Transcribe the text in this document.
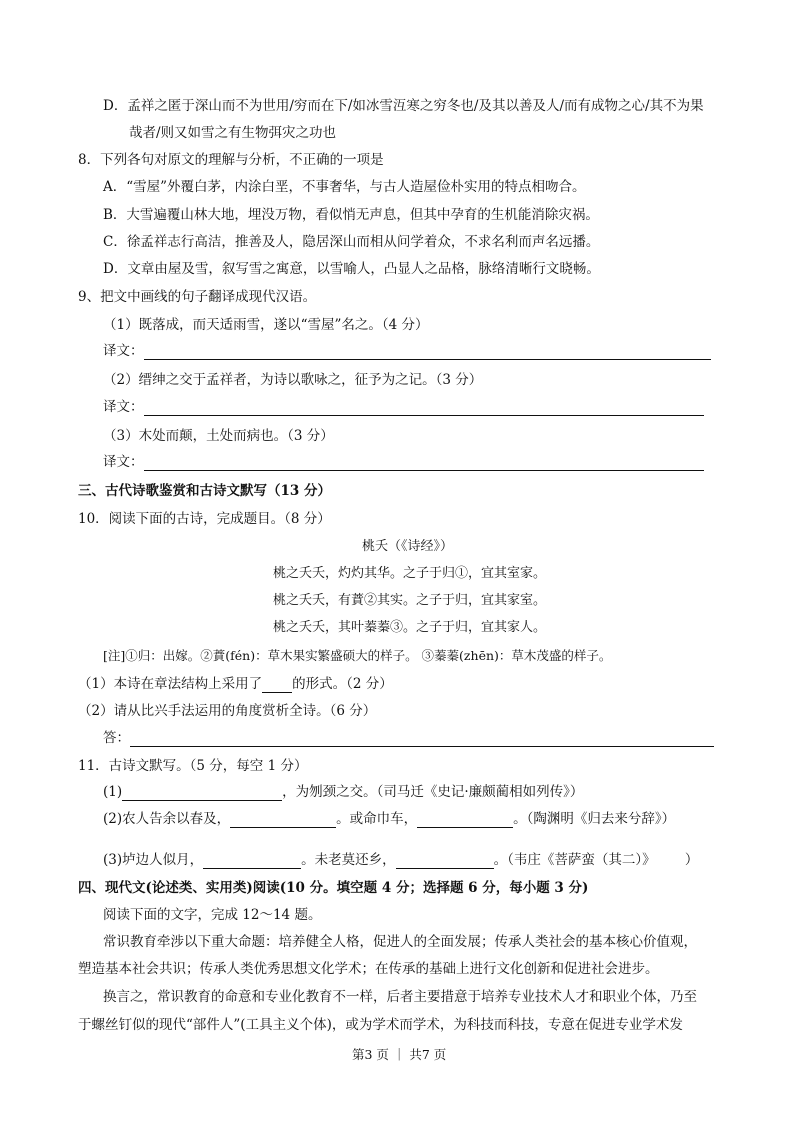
D．孟祥之匿于深山而不为世用/穷而在下/如冰雪沍寒之穷冬也/及其以善及人/而有成物之心/其不为果
哉者/则又如雪之有生物弭灾之功也
8．下列各句对原文的理解与分析，不正确的一项是
A．“雪屋”外覆白茅，内涂白垩，不事奢华，与古人造屋俭朴实用的特点相吻合。
B．大雪遍覆山林大地，埋没万物，看似悄无声息，但其中孕育的生机能消除灾祸。
C．徐孟祥志行高洁，推善及人，隐居深山而相从问学着众，不求名利而声名远播。
D．文章由屋及雪，叙写雪之寓意，以雪喻人，凸显人之品格，脉络清晰行文晓畅。
9、把文中画线的句子翻译成现代汉语。
（1）既落成，而天适雨雪，遂以“雪屋”名之。（4 分）
译文：
（2）缙绅之交于孟祥者，为诗以歌咏之，征予为之记。（3 分）
译文：
（3）木处而颠，土处而病也。（3 分）
译文：
三、古代诗歌鉴赏和古诗文默写（13 分）
10．阅读下面的古诗，完成题目。（8 分）
桃夭（《诗经》）
桃之夭夭，灼灼其华。之子于归①，宜其室家。
桃之夭夭，有蕡②其实。之子于归，宜其家室。
桃之夭夭，其叶蓁蓁③。之子于归，宜其家人。
[注]①归：出嫁。②蕡(fén)：草木果实繁盛硕大的样子。 ③蓁蓁(zhēn)：草木茂盛的样子。
（1）本诗在章法结构上采用了 的形式。（2 分）
（2）请从比兴手法运用的角度赏析全诗。（6 分）
答：
11．古诗文默写。（5 分，每空 1 分）
(1)	，为刎颈之交。（司马迁《史记·廉颇蔺相如列传》）
(2)农人告余以春及，	。或命巾车，	。（陶渊明《归去来兮辞》）
(3)垆边人似月，	。未老莫还乡，	。（韦庄《菩萨蛮（其二）》	）
四、现代文(论述类、实用类)阅读(10 分。填空题 4 分；选择题 6 分，每小题 3 分)
阅读下面的文字，完成 12～14 题。
常识教育牵涉以下重大命题：培养健全人格，促进人的全面发展；传承人类社会的基本核心价值观，
塑造基本社会共识；传承人类优秀思想文化学术；在传承的基础上进行文化创新和促进社会进步。
换言之，常识教育的命意和专业化教育不一样，后者主要措意于培养专业技术人才和职业个体，乃至
于螺丝钉似的现代“部件人”(工具主义个体)，或为学术而学术，为科技而科技，专意在促进专业学术发
第3 页 ｜ 共7 页
